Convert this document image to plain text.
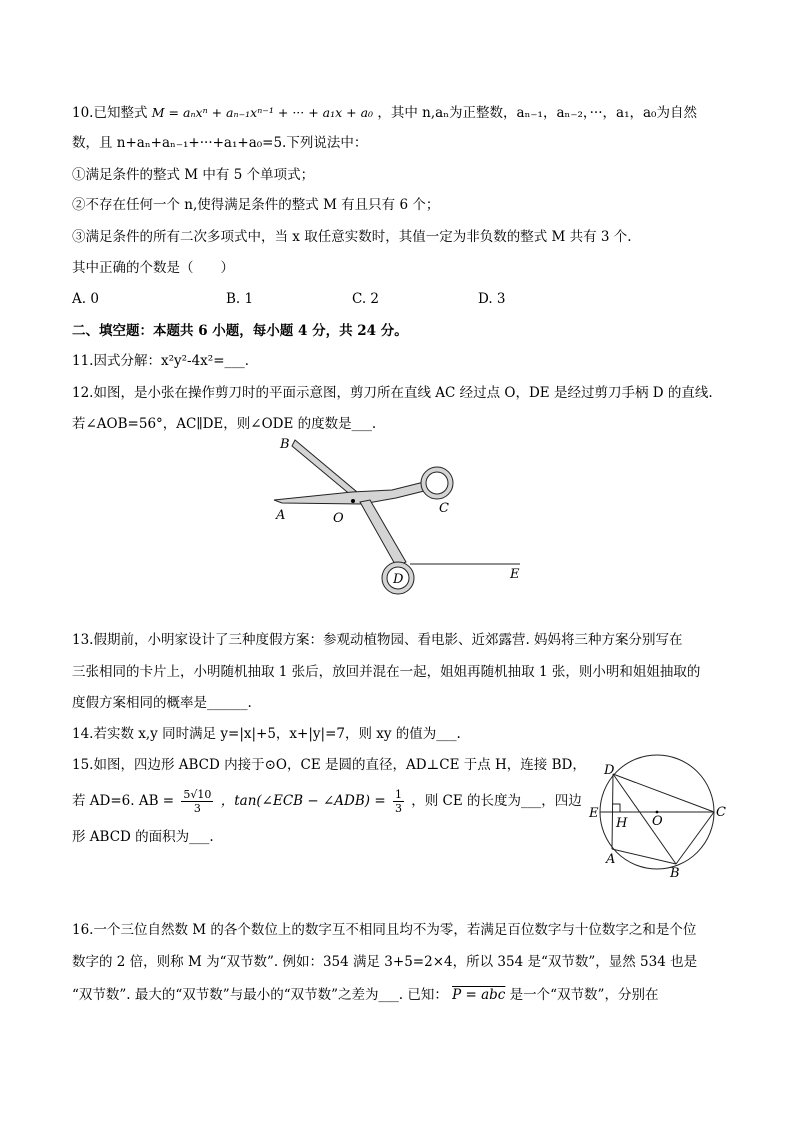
10.已知整式 M = aₙxⁿ + aₙ₋₁xⁿ⁻¹ + ··· + a₁x + a₀ ，其中 n,aₙ为正整数，aₙ₋₁，aₙ₋₂，···，a₁，a₀为自然
数，且 n+aₙ+aₙ₋₁+···+a₁+a₀=5.下列说法中：
①满足条件的整式 M 中有 5 个单项式；
②不存在任何一个 n,使得满足条件的整式 M 有且只有 6 个；
③满足条件的所有二次多项式中，当 x 取任意实数时，其值一定为非负数的整式 M 共有 3 个.
其中正确的个数是（　　）
A. 0	B. 1	C. 2	D. 3
二、填空题：本题共 6 小题，每小题 4 分，共 24 分。
11.因式分解：x²y²-4x²=___．
12.如图，是小张在操作剪刀时的平面示意图，剪刀所在直线 AC 经过点 O，DE 是经过剪刀手柄 D 的直线.
若∠AOB=56°，AC∥DE，则∠ODE 的度数是___.
B
A	O
C
D	E
13.假期前，小明家设计了三种度假方案：参观动植物园、看电影、近郊露营. 妈妈将三种方案分别写在
三张相同的卡片上，小明随机抽取 1 张后，放回并混在一起，姐姐再随机抽取 1 张，则小明和姐姐抽取的
度假方案相同的概率是______.
14.若实数 x,y 同时满足 y=|x|+5，x+|y|=7，则 xy 的值为___.
15.如图，四边形 ABCD 内接于⊙O，CE 是圆的直径，AD⊥CE 于点 H，连接 BD，
若 AD=6. AB = $\frac{5√10}{3}$ ，tan(∠ECB − ∠ADB) = $\frac{1}{3}$ ，则 CE 的长度为___，四边
形 ABCD 的面积为___.
D
E
H O
C
A
B
16.一个三位自然数 M 的各个数位上的数字互不相同且均不为零，若满足百位数字与十位数字之和是个位
数字的 2 倍，则称 M 为“双节数”. 例如：354 满足 3+5=2×4，所以 354 是“双节数”，显然 534 也是
“双节数”. 最大的“双节数”与最小的“双节数”之差为___. 已知： P = abc 是一个“双节数”，分别在
